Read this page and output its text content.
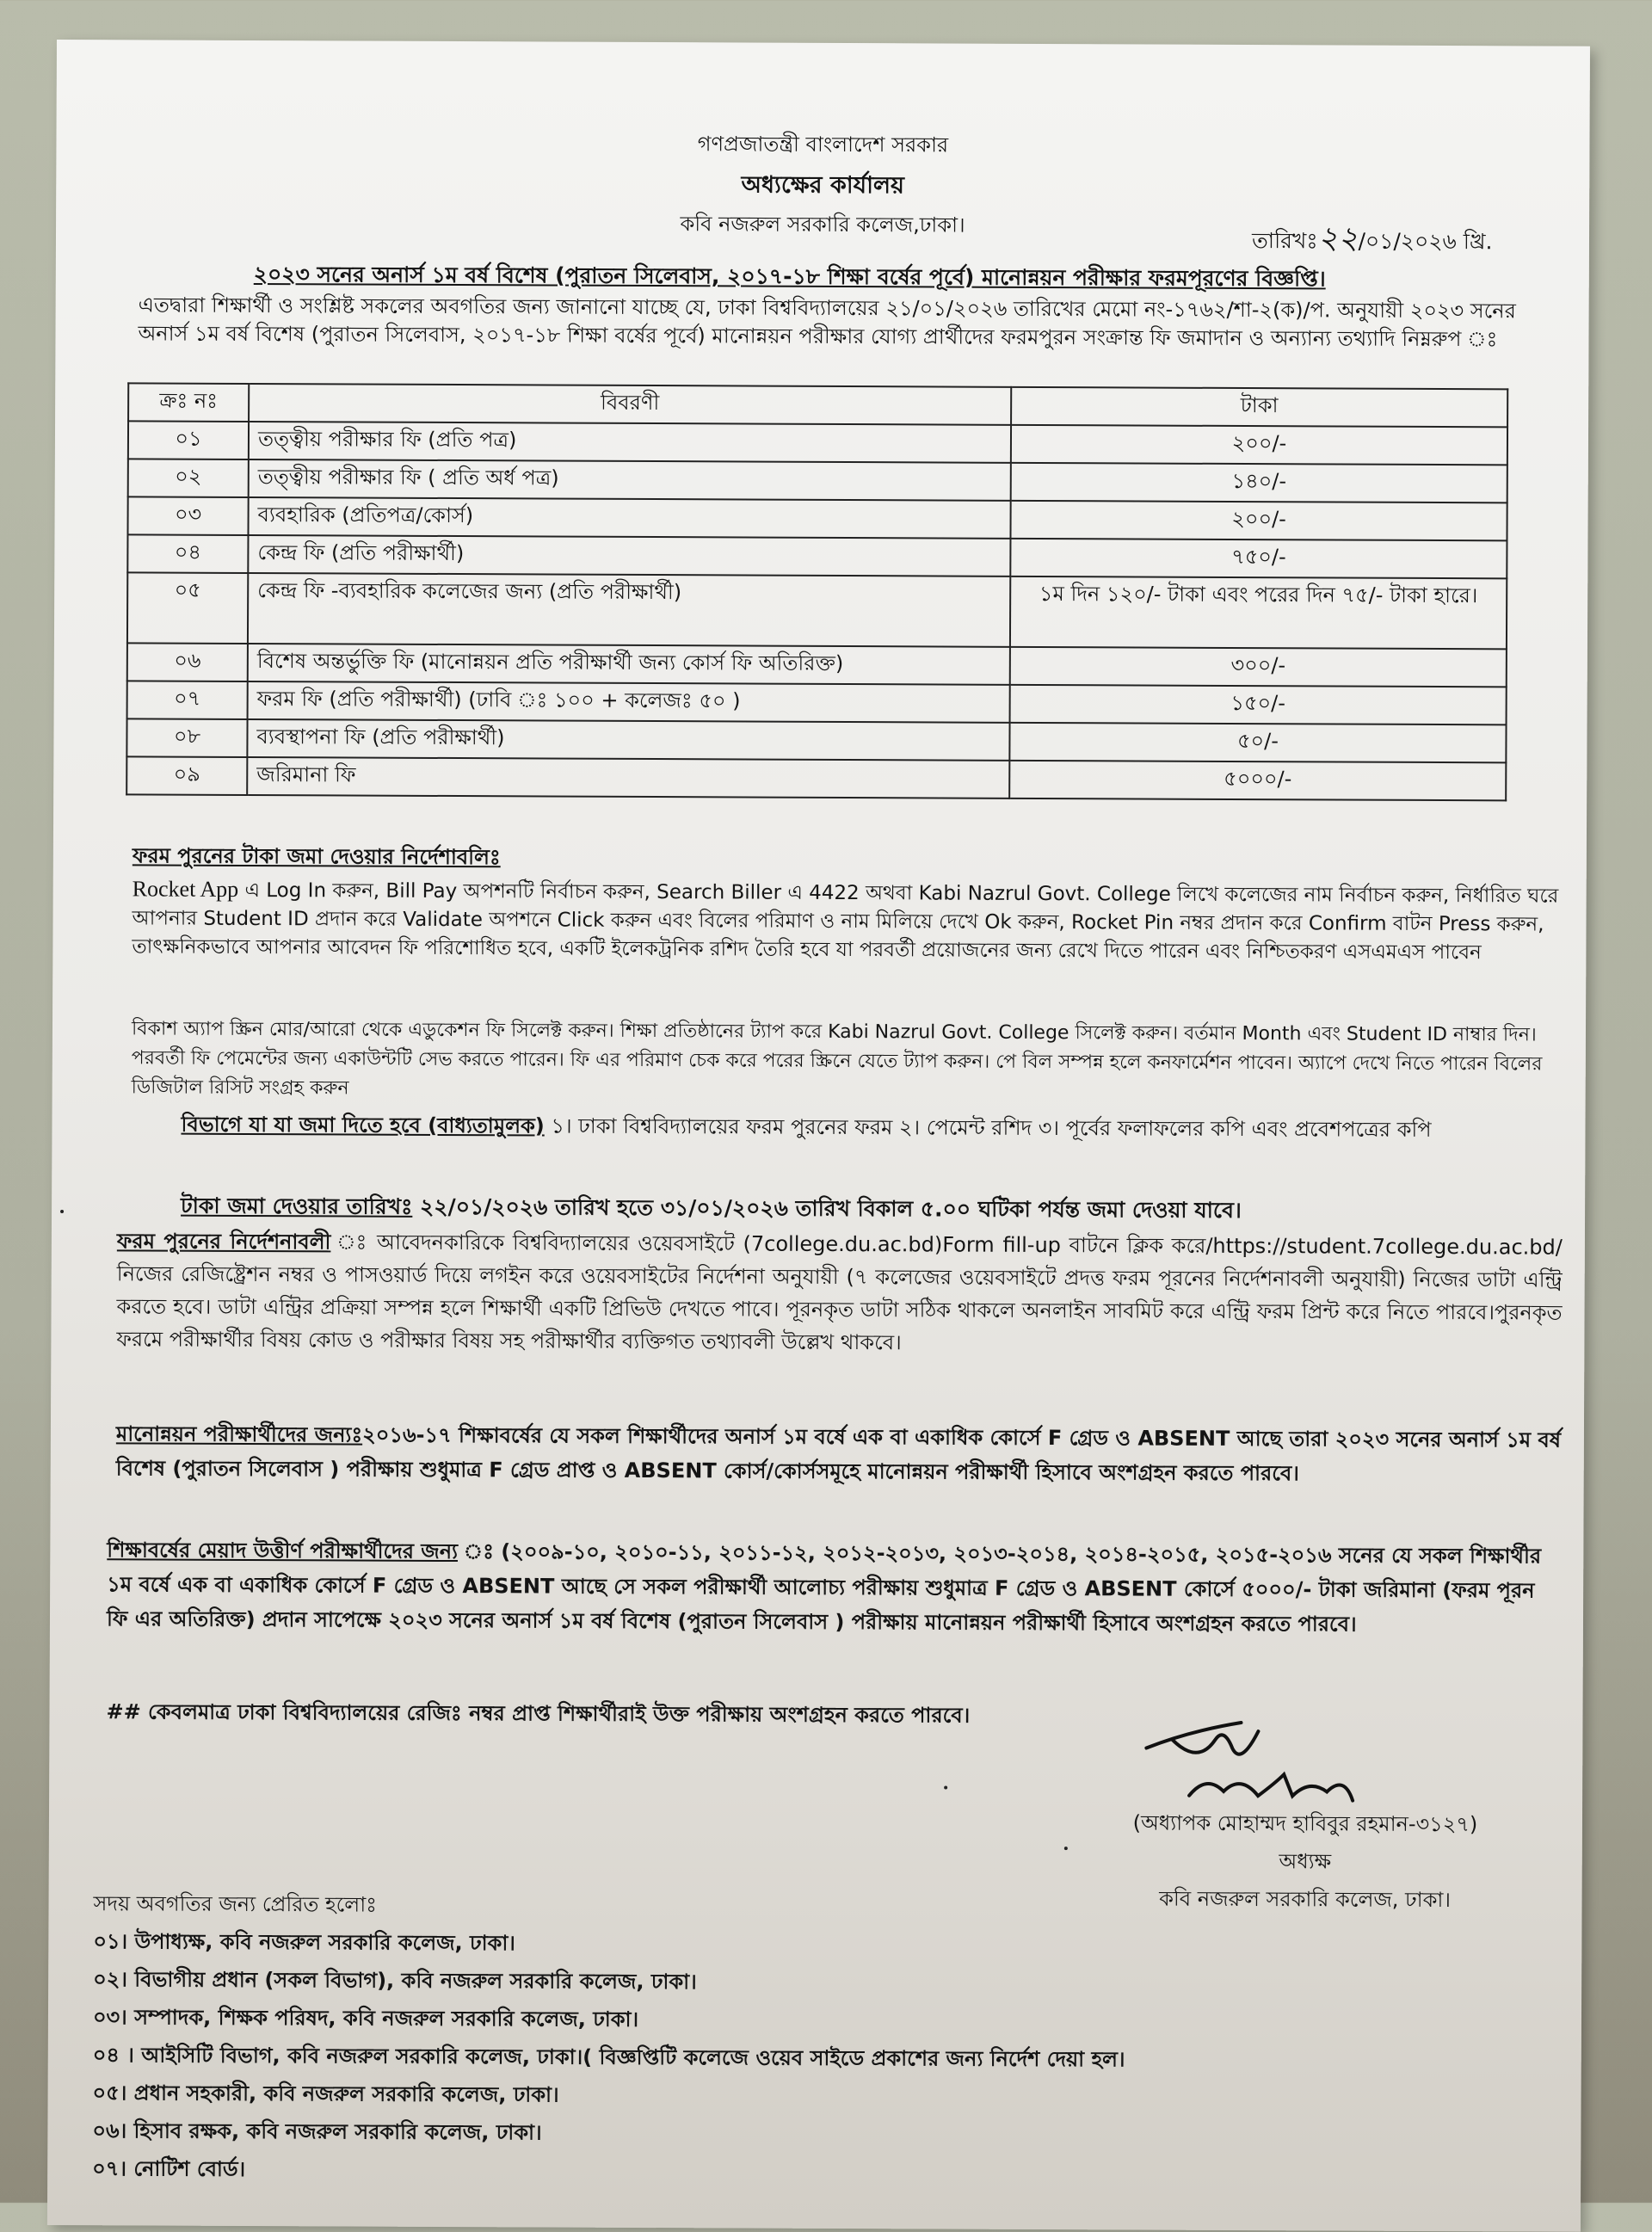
গণপ্রজাতন্ত্রী বাংলাদেশ সরকার
অধ্যক্ষের কার্যালয়
কবি নজরুল সরকারি কলেজ,ঢাকা।
তারিখঃ২২/০১/২০২৬ খ্রি.
২০২৩ সনের অনার্স ১ম বর্ষ বিশেষ (পুরাতন সিলেবাস, ২০১৭-১৮ শিক্ষা বর্ষের পূর্বে) মানোন্নয়ন পরীক্ষার ফরমপূরণের বিজ্ঞপ্তি।
এতদ্বারা শিক্ষার্থী ও সংশ্লিষ্ট সকলের অবগতির জন্য জানানো যাচ্ছে যে, ঢাকা বিশ্ববিদ্যালয়ের ২১/০১/২০২৬ তারিখের মেমো নং-১৭৬২/শা-২(ক)/প. অনুযায়ী ২০২৩ সনের অনার্স ১ম বর্ষ বিশেষ (পুরাতন সিলেবাস, ২০১৭-১৮ শিক্ষা বর্ষের পূর্বে) মানোন্নয়ন পরীক্ষার যোগ্য প্রার্থীদের ফরমপুরন সংক্রান্ত ফি জমাদান ও অন্যান্য তথ্যাদি নিম্নরুপ ঃ
ক্রঃ নঃ	বিবরণী	টাকা
০১	তত্ত্বীয় পরীক্ষার ফি (প্রতি পত্র)	২০০/-
০২	তত্ত্বীয় পরীক্ষার ফি ( প্রতি অর্ধ পত্র)	১৪০/-
০৩	ব্যবহারিক (প্রতিপত্র/কোর্স)	২০০/-
০৪	কেন্দ্র ফি (প্রতি পরীক্ষার্থী)	৭৫০/-
০৫	কেন্দ্র ফি -ব্যবহারিক কলেজের জন্য (প্রতি পরীক্ষার্থী)	১ম দিন ১২০/- টাকা এবং পরের দিন ৭৫/- টাকা হারে।
০৬	বিশেষ অন্তর্ভুক্তি ফি (মানোন্নয়ন প্রতি পরীক্ষার্থী জন্য কোর্স ফি অতিরিক্ত)	৩০০/-
০৭	ফরম ফি (প্রতি পরীক্ষার্থী) (ঢাবি ঃ ১০০ + কলেজঃ ৫০ )	১৫০/-
০৮	ব্যবস্থাপনা ফি (প্রতি পরীক্ষার্থী)	৫০/-
০৯	জরিমানা ফি	৫০০০/-
ফরম পুরনের টাকা জমা দেওয়ার নির্দেশাবলিঃ
Rocket App এ Log In করুন, Bill Pay অপশনটি নির্বাচন করুন, Search Biller এ 4422 অথবা Kabi Nazrul Govt. College লিখে কলেজের নাম নির্বাচন করুন, নির্ধারিত ঘরে আপনার Student ID প্রদান করে Validate অপশনে Click করুন এবং বিলের পরিমাণ ও নাম মিলিয়ে দেখে Ok করুন, Rocket Pin নম্বর প্রদান করে Confirm বাটন Press করুন, তাৎক্ষনিকভাবে আপনার আবেদন ফি পরিশোধিত হবে, একটি ইলেকট্রনিক রশিদ তৈরি হবে যা পরবর্তী প্রয়োজনের জন্য রেখে দিতে পারেন এবং নিশ্চিতকরণ এসএমএস পাবেন
বিকাশ অ্যাপ স্ক্রিন মোর/আরো থেকে এডুকেশন ফি সিলেক্ট করুন। শিক্ষা প্রতিষ্ঠানের ট্যাপ করে Kabi Nazrul Govt. College সিলেক্ট করুন। বর্তমান Month এবং Student ID নাম্বার দিন। পরবর্তী ফি পেমেন্টের জন্য একাউন্টটি সেভ করতে পারেন। ফি এর পরিমাণ চেক করে পরের স্ক্রিনে যেতে ট্যাপ করুন। পে বিল সম্পন্ন হলে কনফার্মেশন পাবেন। অ্যাপে দেখে নিতে পারেন বিলের ডিজিটাল রিসিট সংগ্রহ করুন
বিভাগে যা যা জমা দিতে হবে (বাধ্যতামুলক) ১। ঢাকা বিশ্ববিদ্যালয়ের ফরম পুরনের ফরম ২। পেমেন্ট রশিদ ৩। পূর্বের ফলাফলের কপি এবং প্রবেশপত্রের কপি
টাকা জমা দেওয়ার তারিখঃ ২২/০১/২০২৬ তারিখ হতে ৩১/০১/২০২৬ তারিখ বিকাল ৫.০০ ঘটিকা পর্যন্ত জমা দেওয়া যাবে।
ফরম পুরনের নির্দেশনাবলী ঃ আবেদনকারিকে বিশ্ববিদ্যালয়ের ওয়েবসাইটে (7college.du.ac.bd)Form fill-up বাটনে ক্লিক করে/https://student.7college.du.ac.bd/ নিজের রেজিষ্ট্রেশন নম্বর ও পাসওয়ার্ড দিয়ে লগইন করে ওয়েবসাইটের নির্দেশনা অনুযায়ী (৭ কলেজের ওয়েবসাইটে প্রদত্ত ফরম পূরনের নির্দেশনাবলী অনুযায়ী) নিজের ডাটা এন্ট্রি করতে হবে। ডাটা এন্ট্রির প্রক্রিয়া সম্পন্ন হলে শিক্ষার্থী একটি প্রিভিউ দেখতে পাবে। পূরনকৃত ডাটা সঠিক থাকলে অনলাইন সাবমিট করে এন্ট্রি ফরম প্রিন্ট করে নিতে পারবে।পুরনকৃত ফরমে পরীক্ষার্থীর বিষয় কোড ও পরীক্ষার বিষয় সহ পরীক্ষার্থীর ব্যক্তিগত তথ্যাবলী উল্লেখ থাকবে।
মানোন্নয়ন পরীক্ষার্থীদের জন্যঃ২০১৬-১৭ শিক্ষাবর্ষের যে সকল শিক্ষার্থীদের অনার্স ১ম বর্ষে এক বা একাধিক কোর্সে F গ্রেড ও ABSENT আছে তারা ২০২৩ সনের অনার্স ১ম বর্ষ বিশেষ (পুরাতন সিলেবাস ) পরীক্ষায় শুধুমাত্র F গ্রেড প্রাপ্ত ও ABSENT কোর্স/কোর্সসমূহে মানোন্নয়ন পরীক্ষার্থী হিসাবে অংশগ্রহন করতে পারবে।
শিক্ষাবর্ষের মেয়াদ উত্তীর্ণ পরীক্ষার্থীদের জন্য ঃ (২০০৯-১০, ২০১০-১১, ২০১১-১২, ২০১২-২০১৩, ২০১৩-২০১৪, ২০১৪-২০১৫, ২০১৫-২০১৬ সনের যে সকল শিক্ষার্থীর ১ম বর্ষে এক বা একাধিক কোর্সে F গ্রেড ও ABSENT আছে সে সকল পরীক্ষার্থী আলোচ্য পরীক্ষায় শুধুমাত্র F গ্রেড ও ABSENT কোর্সে ৫০০০/- টাকা জরিমানা (ফরম পূরন ফি এর অতিরিক্ত) প্রদান সাপেক্ষে ২০২৩ সনের অনার্স ১ম বর্ষ বিশেষ (পুরাতন সিলেবাস ) পরীক্ষায় মানোন্নয়ন পরীক্ষার্থী হিসাবে অংশগ্রহন করতে পারবে।
## কেবলমাত্র ঢাকা বিশ্ববিদ্যালয়ের রেজিঃ নম্বর প্রাপ্ত শিক্ষার্থীরাই উক্ত পরীক্ষায় অংশগ্রহন করতে পারবে।
(অধ্যাপক মোহাম্মদ হাবিবুর রহমান-৩১২৭)
অধ্যক্ষ
কবি নজরুল সরকারি কলেজ, ঢাকা।
সদয় অবগতির জন্য প্রেরিত হলোঃ
০১। উপাধ্যক্ষ, কবি নজরুল সরকারি কলেজ, ঢাকা।
০২। বিভাগীয় প্রধান (সকল বিভাগ), কবি নজরুল সরকারি কলেজ, ঢাকা।
০৩। সম্পাদক, শিক্ষক পরিষদ, কবি নজরুল সরকারি কলেজ, ঢাকা।
০৪ । আইসিটি বিভাগ, কবি নজরুল সরকারি কলেজ, ঢাকা।( বিজ্ঞপ্তিটি কলেজে ওয়েব সাইডে প্রকাশের জন্য নির্দেশ দেয়া হল।
০৫। প্রধান সহকারী, কবি নজরুল সরকারি কলেজ, ঢাকা।
০৬। হিসাব রক্ষক, কবি নজরুল সরকারি কলেজ, ঢাকা।
০৭। নোটিশ বোর্ড।
